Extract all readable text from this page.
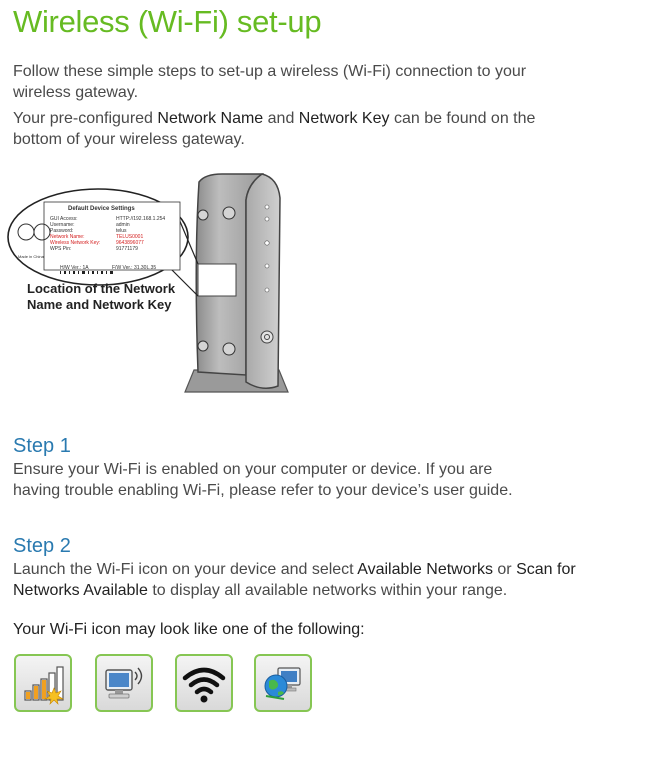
Wireless (Wi-Fi) set-up

Follow these simple steps to set-up a wireless (Wi-Fi) connection to your wireless gateway.

Your pre-configured Network Name and Network Key can be found on the bottom of your wireless gateway.

Default Device Settings
GUI Access:	HTTP://192.168.1.254
Username:	admin
Password:	telus
Network Name:	TELUS0001
Wireless Network Key:	9643896077
WPS Pin:	91771179
H/W Ver.: 1A	F/W Ver.: 31.30L.35
Made in China

Location of the Network
Name and Network Key

Step 1

Ensure your Wi-Fi is enabled on your computer or device. If you are having trouble enabling Wi-Fi, please refer to your device’s user guide.

Step 2

Launch the Wi-Fi icon on your device and select Available Networks or Scan for Networks Available to display all available networks within your range.

Your Wi-Fi icon may look like one of the following:
